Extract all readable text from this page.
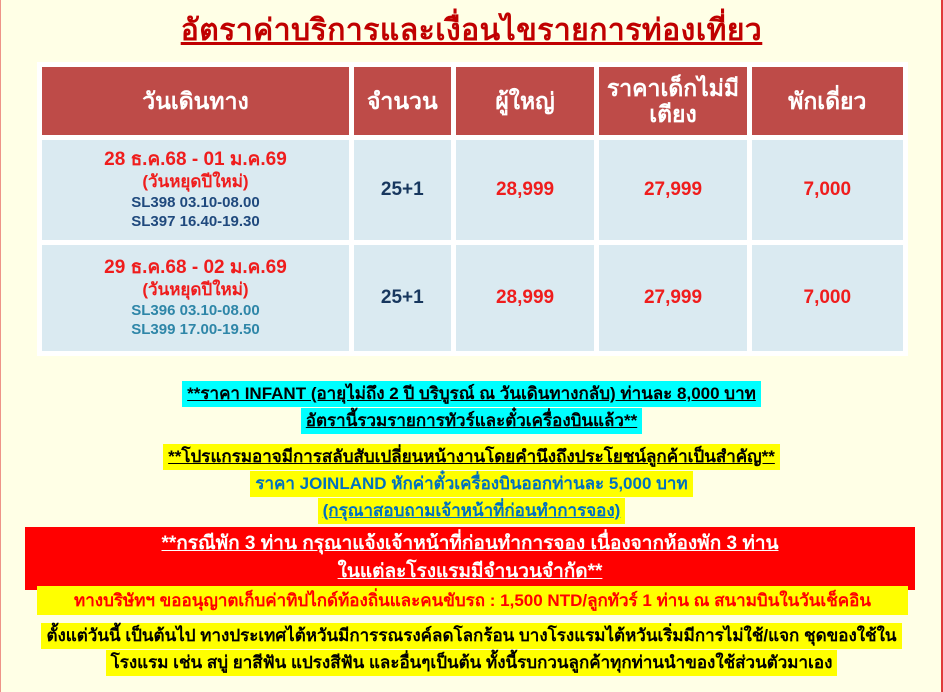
อัตราค่าบริการและเงื่อนไขรายการท่องเที่ยว
วันเดินทาง	จำนวน	ผู้ใหญ่	ราคาเด็กไม่มีเตียง	พักเดี่ยว

28 ธ.ค.68 - 01 ม.ค.69
(วันหยุดปีใหม่)
SL398 03.10-08.00
SL397 16.40-19.30	25+1	28,999	27,999	7,000

29 ธ.ค.68 - 02 ม.ค.69
(วันหยุดปีใหม่)
SL396 03.10-08.00
SL399 17.00-19.50	25+1	28,999	27,999	7,000
**ราคา INFANT (อายุไม่ถึง 2 ปี บริบูรณ์ ณ วันเดินทางกลับ) ท่านละ 8,000 บาท
อัตรานี้รวมรายการทัวร์และตั๋วเครื่องบินแล้ว**
**โปรแกรมอาจมีการสลับสับเปลี่ยนหน้างานโดยคำนึงถึงประโยชน์ลูกค้าเป็นสำคัญ**
ราคา JOINLAND หักค่าตั๋วเครื่องบินออกท่านละ 5,000 บาท
(กรุณาสอบถามเจ้าหน้าที่ก่อนทำการจอง)
**กรณีพัก 3 ท่าน กรุณาแจ้งเจ้าหน้าที่ก่อนทำการจอง เนื่องจากห้องพัก 3 ท่าน
ในแต่ละโรงแรมมีจำนวนจำกัด**
ทางบริษัทฯ ขออนุญาตเก็บค่าทิปไกด์ท้องถิ่นและคนขับรถ : 1,500 NTD/ลูกทัวร์ 1 ท่าน ณ สนามบินในวันเช็คอิน
ตั้งแต่วันนี้ เป็นต้นไป ทางประเทศไต้หวันมีการรณรงค์ลดโลกร้อน บางโรงแรมไต้หวันเริ่มมีการไม่ใช้/แจก ชุดของใช้ใน
โรงแรม เช่น สบู่ ยาสีฟัน แปรงสีฟัน และอื่นๆเป็นต้น ทั้งนี้รบกวนลูกค้าทุกท่านนำของใช้ส่วนตัวมาเอง
